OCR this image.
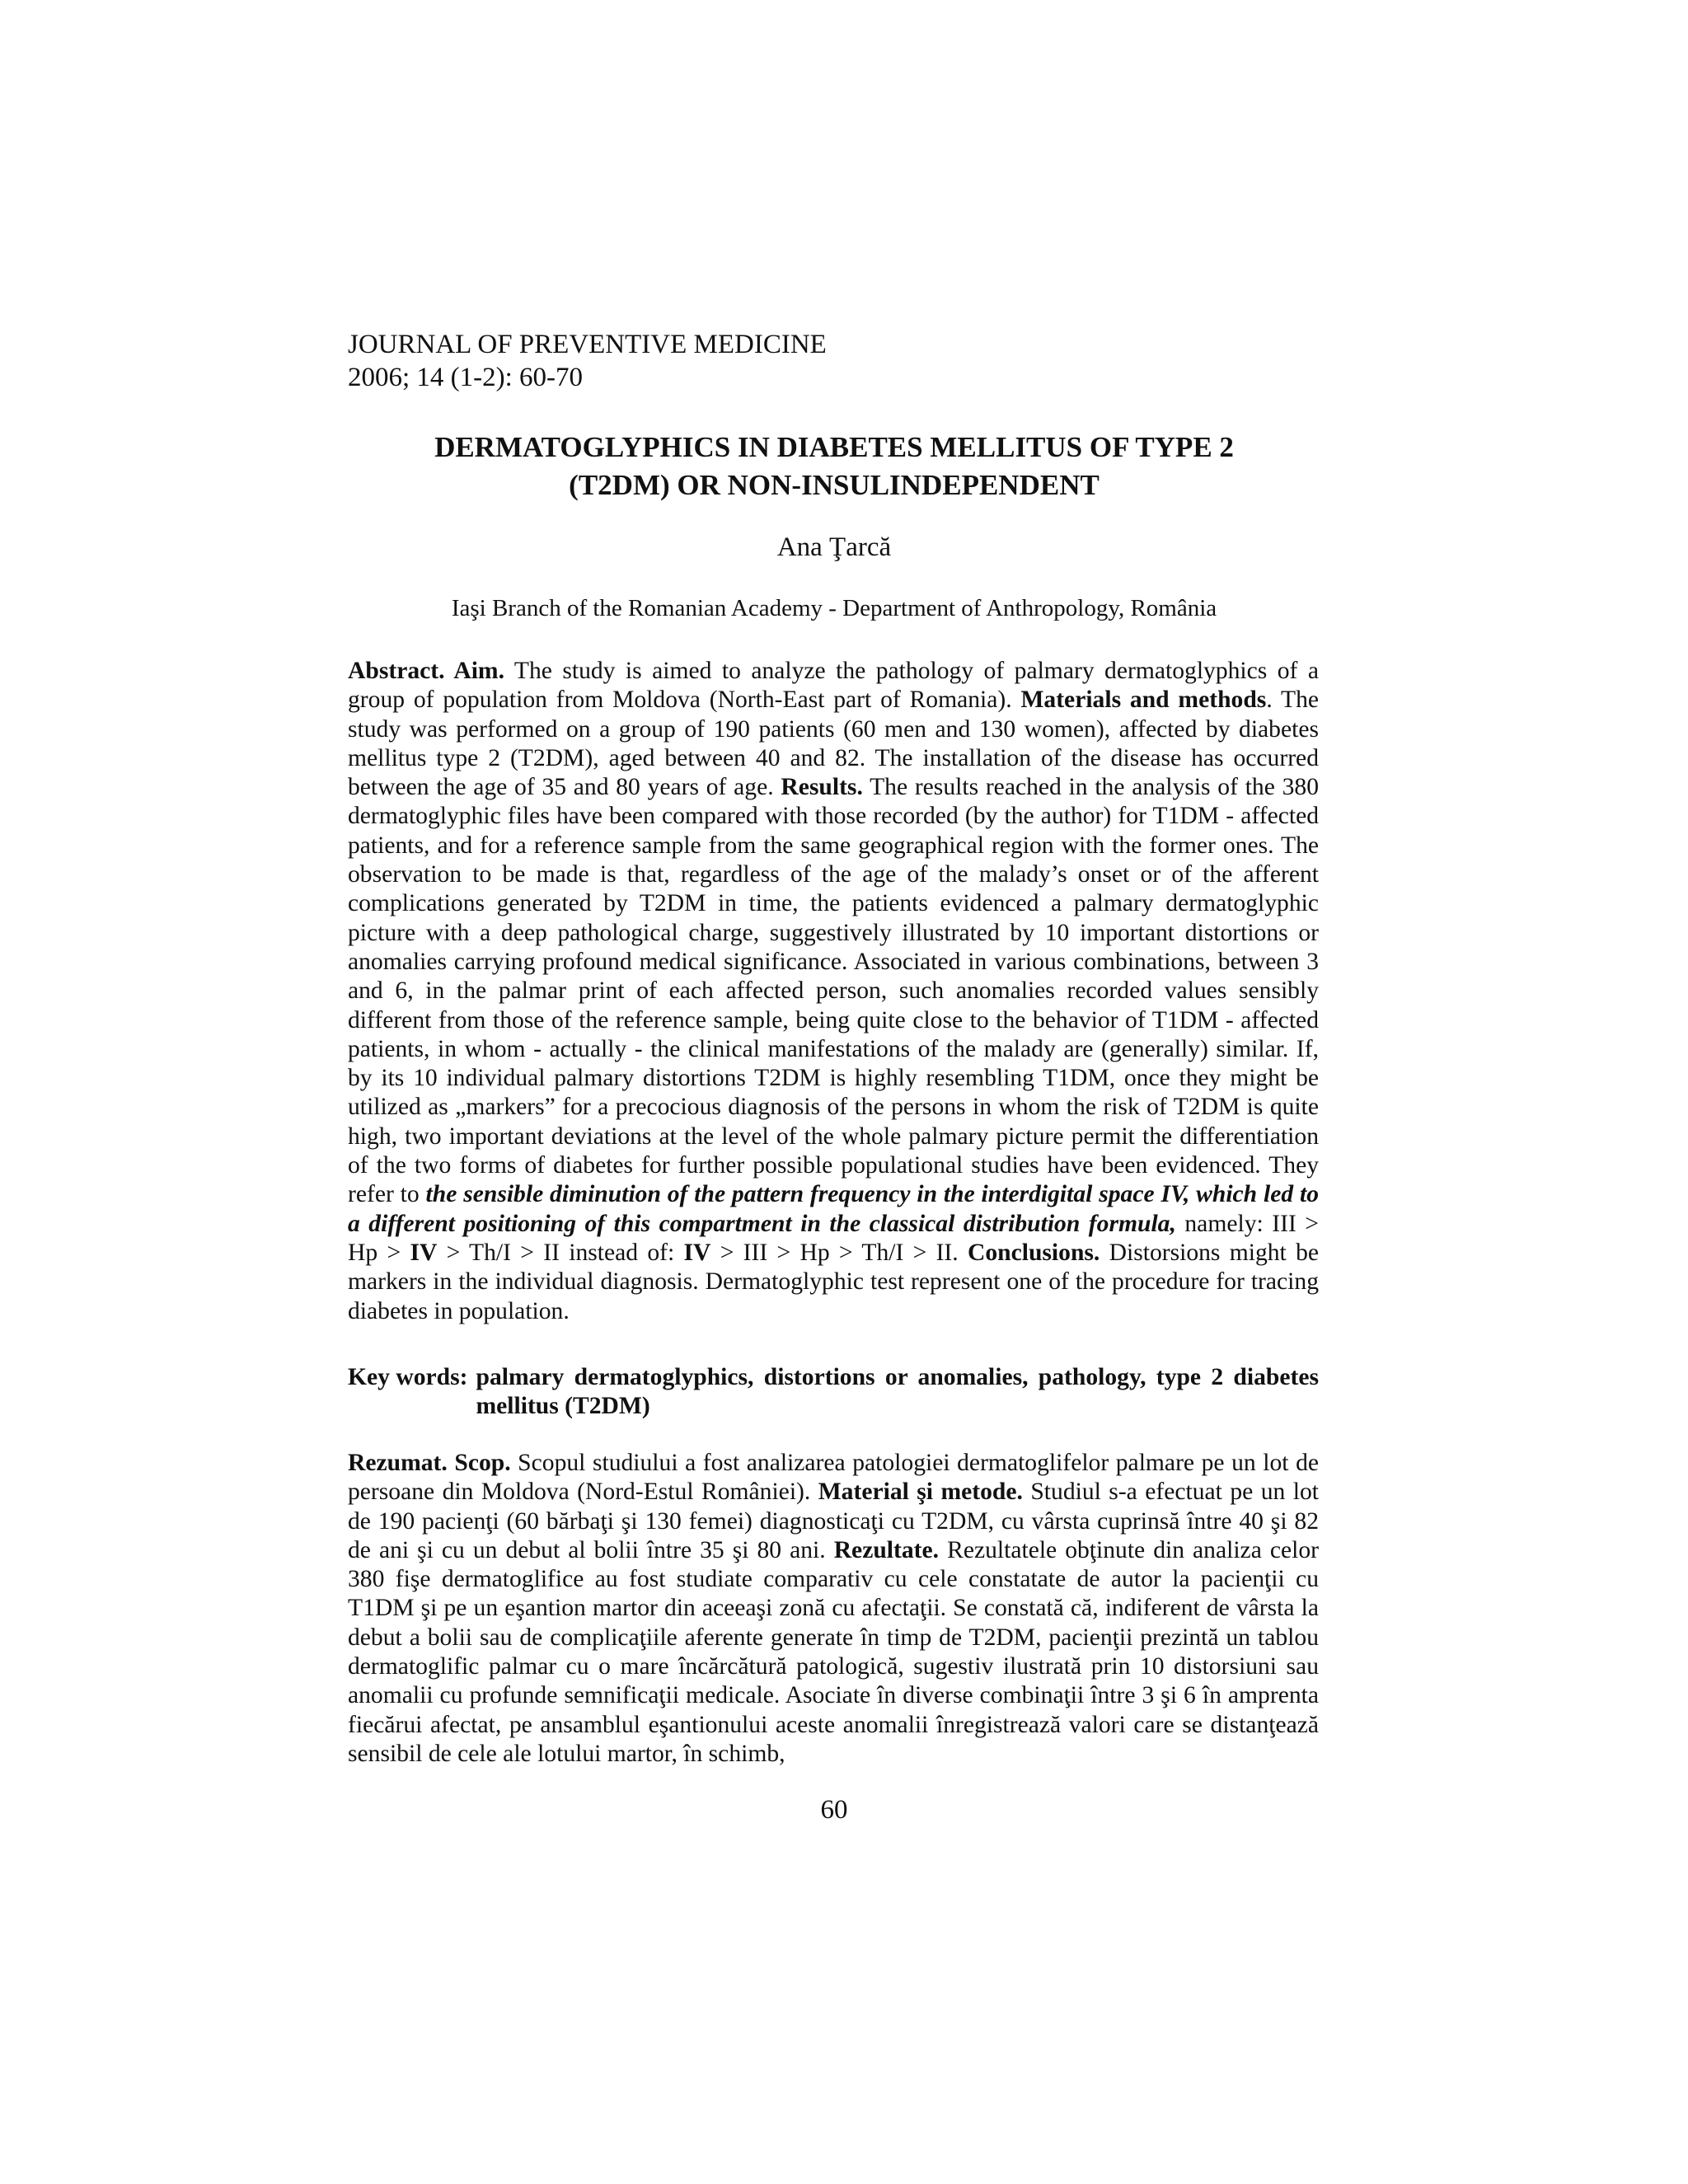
JOURNAL OF PREVENTIVE MEDICINE
2006; 14 (1-2): 60-70
DERMATOGLYPHICS IN DIABETES MELLITUS OF TYPE 2
(T2DM) OR NON-INSULINDEPENDENT
Ana Ţarcă
Iaşi Branch of the Romanian Academy - Department of Anthropology, România
Abstract. Aim. The study is aimed to analyze the pathology of palmary dermatoglyphics of a group of population from Moldova (North-East part of Romania). Materials and methods. The study was performed on a group of 190 patients (60 men and 130 women), affected by diabetes mellitus type 2 (T2DM), aged between 40 and 82. The installation of the disease has occurred between the age of 35 and 80 years of age. Results. The results reached in the analysis of the 380 dermatoglyphic files have been compared with those recorded (by the author) for T1DM - affected patients, and for a reference sample from the same geographical region with the former ones. The observation to be made is that, regardless of the age of the malady’s onset or of the afferent complications generated by T2DM in time, the patients evidenced a palmary dermatoglyphic picture with a deep pathological charge, suggestively illustrated by 10 important distortions or anomalies carrying profound medical significance. Associated in various combinations, between 3 and 6, in the palmar print of each affected person, such anomalies recorded values sensibly different from those of the reference sample, being quite close to the behavior of T1DM - affected patients, in whom - actually - the clinical manifestations of the malady are (generally) similar. If, by its 10 individual palmary distortions T2DM is highly resembling T1DM, once they might be utilized as „markers” for a precocious diagnosis of the persons in whom the risk of T2DM is quite high, two important deviations at the level of the whole palmary picture permit the differentiation of the two forms of diabetes for further possible populational studies have been evidenced. They refer to the sensible diminution of the pattern frequency in the interdigital space IV, which led to a different positioning of this compartment in the classical distribution formula, namely: III > Hp > IV > Th/I > II instead of: IV > III > Hp > Th/I > II. Conclusions. Distorsions might be markers in the individual diagnosis. Dermatoglyphic test represent one of the procedure for tracing diabetes in population.
Key words: palmary dermatoglyphics, distortions or anomalies, pathology, type 2 diabetes mellitus (T2DM)
Rezumat. Scop. Scopul studiului a fost analizarea patologiei dermatoglifelor palmare pe un lot de persoane din Moldova (Nord-Estul României). Material şi metode. Studiul s-a efectuat pe un lot de 190 pacienţi (60 bărbaţi şi 130 femei) diagnosticaţi cu T2DM, cu vârsta cuprinsă între 40 şi 82 de ani şi cu un debut al bolii între 35 şi 80 ani. Rezultate. Rezultatele obţinute din analiza celor 380 fişe dermatoglifice au fost studiate comparativ cu cele constatate de autor la pacienţii cu T1DM şi pe un eşantion martor din aceeaşi zonă cu afectaţii. Se constată că, indiferent de vârsta la debut a bolii sau de complicaţiile aferente generate în timp de T2DM, pacienţii prezintă un tablou dermatoglific palmar cu o mare încărcătură patologică, sugestiv ilustrată prin 10 distorsiuni sau anomalii cu profunde semnificaţii medicale. Asociate în diverse combinaţii între 3 şi 6 în amprenta fiecărui afectat, pe ansamblul eşantionului aceste anomalii înregistrează valori care se distanţează sensibil de cele ale lotului martor, în schimb,
60
